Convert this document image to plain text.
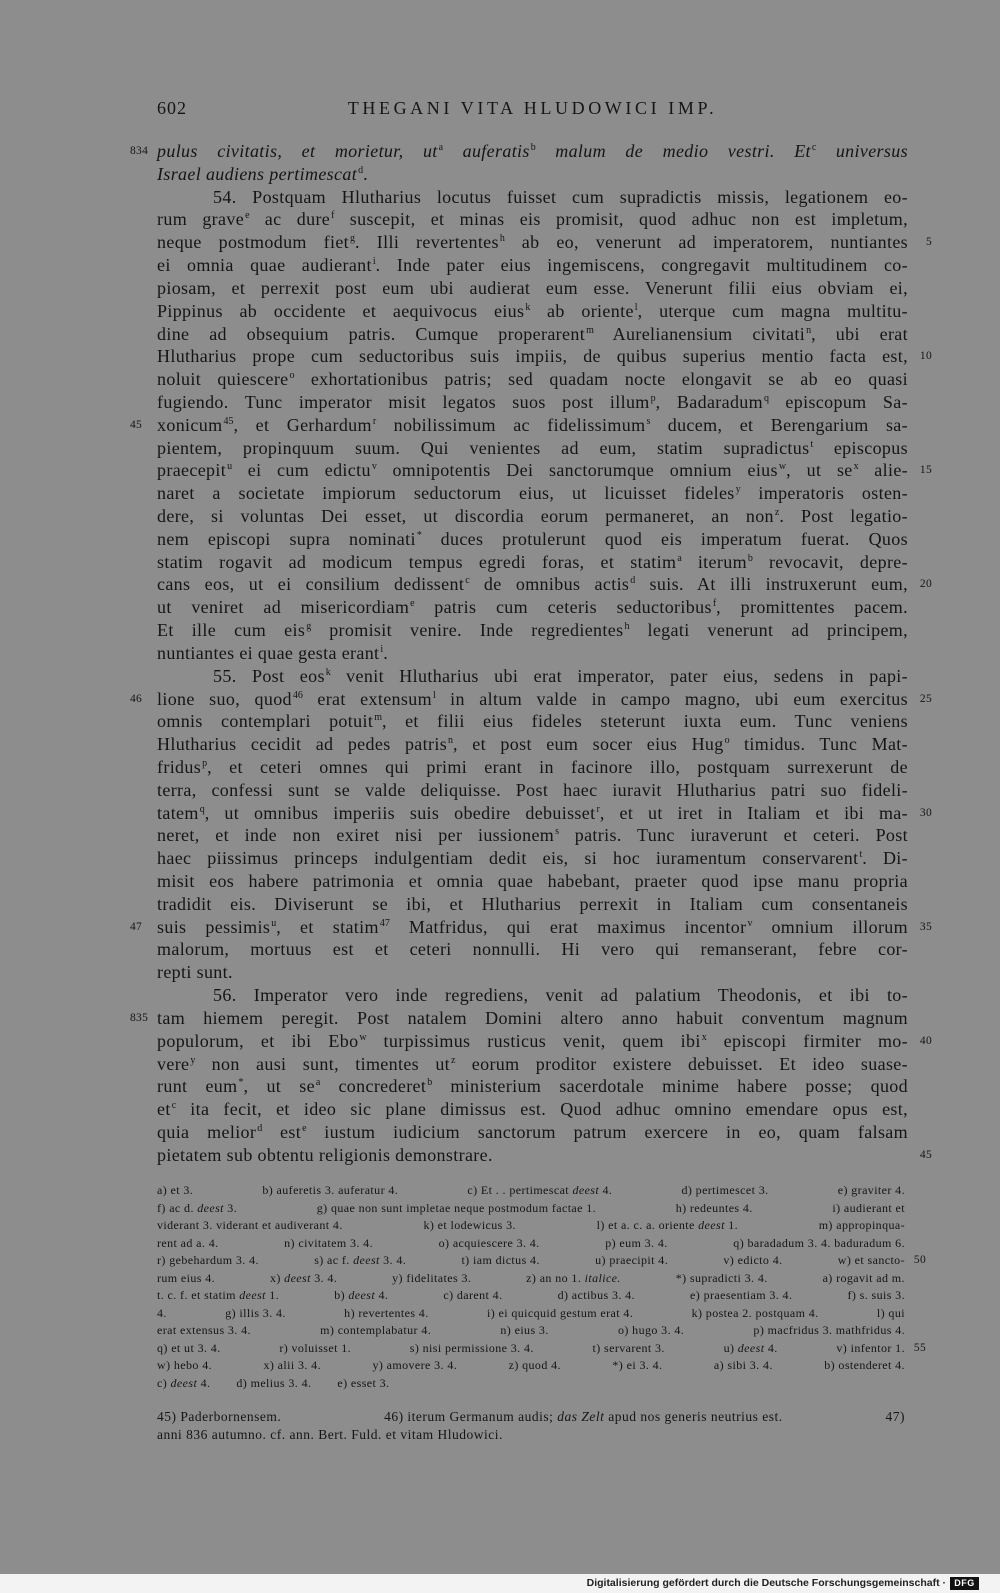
602	THEGANI VITA HLUDOWICI IMP.
pulus civitatis, et morietur, $ut^a$ auferatis$^b$ malum de medio vestri. Et$^c$ universus
834
Israel audiens pertimescat$^d$.
54. Postquam Hlutharius locutus fuisset cum supradictis missis, legationem eo-
rum grave$^e$ ac dure$^f$ suscepit, et minas eis promisit, quod adhuc non est impletum,
neque postmodum fiet$^g$. Illi revertentes$^h$ ab eo, venerunt ad imperatorem, nuntiantes	5
ei omnia quae audierant$^i$. Inde pater eius ingemiscens, congregavit multitudinem co-
piosam, et perrexit post eum ubi audierat eum esse. Venerunt filii eius obviam ei,
Pippinus ab occidente et aequivocus eius$^k$ ab oriente$^l$, uterque cum magna multitu-
dine ad obsequium patris. Cumque properarent$^m$ Aurelianensium civitati$^n$, ubi erat
Hlutharius prope cum seductoribus suis impiis, de quibus superius mentio facta est,	10
noluit quiescere$^o$ exhortationibus patris; sed quadam nocte elongavit se ab eo quasi
fugiendo. Tunc imperator misit legatos suos post illum$^p$, Badaradum$^q$ episcopum Sa-
xonicum$^{45}$, et Gerhardum$^r$ nobilissimum ac fidelissimum$^s$ ducem, et Berengarium sa-
45
pientem, propinquum suum. Qui venientes ad eum, statim supradictus$^t$ episcopus
praecepit$^u$ ei cum edictu$^v$ omnipotentis Dei sanctorumque omnium eius$^w$, ut $se^x$ alie-	15
naret a societate impiorum seductorum eius, ut licuisset fideles$^y$ imperatoris osten-
dere, si voluntas Dei esset, ut discordia eorum permaneret, an non$^z$. Post legatio-
nem episcopi supra nominati* duces protulerunt quod eis imperatum fuerat. Quos
statim rogavit ad modicum tempus egredi foras, et statim$^a$ iterum$^b$ revocavit, depre-
cans eos, ut ei consilium dedissent$^c$ de omnibus actis$^d$ suis. At illi instruxerunt eum,	20
ut veniret ad misericordiam$^e$ patris cum ceteris seductoribus$^f$, promittentes pacem.
Et ille cum eis$^g$ promisit venire. Inde regredientes$^h$ legati venerunt ad principem,
nuntiantes ei quae gesta erant$^i$.
55. Post eos$^k$ venit Hlutharius ubi erat imperator, pater eius, sedens in papi-
lione suo, quod$^{46}$ erat extensum$^l$ in altum valde in campo magno, ubi eum exercitus
46	25
omnis contemplari potuit$^m$, et filii eius fideles steterunt iuxta eum. Tunc veniens
Hlutharius cecidit ad pedes patris$^n$, et post eum socer eius Hug$^o$ timidus. Tunc Mat-
fridus$^p$, et ceteri omnes qui primi erant in facinore illo, postquam surrexerunt de
terra, confessi sunt se valde deliquisse. Post haec iuravit Hlutharius patri suo fideli-
tatem$^q$, ut omnibus imperiis suis obedire debuisset$^r$, et ut iret in Italiam et ibi ma-	30
neret, et inde non exiret nisi per iussionem$^s$ patris. Tunc iuraverunt et ceteri. Post
haec piissimus princeps indulgentiam dedit eis, si hoc iuramentum conservarent$^t$. Di-
misit eos habere patrimonia et omnia quae habebant, praeter quod ipse manu propria
tradidit eis. Diviserunt se ibi, et Hlutharius perrexit in Italiam cum consentaneis
suis pessimis$^u$, et statim$^{47}$ Matfridus, qui erat maximus incentor$^v$ omnium illorum
47	35
malorum, mortuus est et ceteri nonnulli. Hi vero qui remanserant, febre cor-
repti sunt.
56. Imperator vero inde regrediens, venit ad palatium Theodonis, et ibi to-
tam hiemem peregit. Post natalem Domini altero anno habuit conventum magnum
835
populorum, et ibi Ebo$^w$ turpissimus rusticus venit, quem ibi$^x$ episcopi firmiter mo-	40
vere$^y$ non ausi sunt, timentes $ut^z$ eorum proditor existere debuisset. Et ideo suase-
runt eum*, ut $se^a$ concrederet$^b$ ministerium sacerdotale minime habere posse; quod
$et^c$ ita fecit, et ideo sic plane dimissus est. Quod adhuc omnino emendare opus est,
quia melior$^d$ est$^e$ iustum iudicium sanctorum patrum exercere in eo, quam falsam
pietatem sub obtentu religionis demonstrare.	45
a) et 3.	b) auferetis 3. auferatur 4.	c) Et . . pertimescat deest 4.	d) pertimescet 3.	e) graviter 4.
f) ac d. deest 3.	g) quae non sunt impletae neque postmodum factae 1.	h) redeuntes 4.	i) audierant et
viderant 3. viderant et audiverant 4.	k) et lodewicus 3.	l) et a. c. a. oriente deest 1.	m) appropinqua-
rent ad a. 4.	n) civitatem 3. 4.	o) acquiescere 3. 4.	p) eum 3. 4.	q) baradadum 3. 4. baduradum 6.
r) gebehardum 3. 4.	s) ac f. deest 3. 4.	t) iam dictus 4.	u) praecipit 4.	v) edicto 4.	w) et sancto- 50
rum eius 4.	x) deest 3. 4.	y) fidelitates 3.	z) an no 1. italice.	*) supradicti 3. 4.	a) rogavit ad m.
t. c. f. et statim deest 1.	b) deest 4.	c) darent 4.	d) actibus 3. 4.	e) praesentiam 3. 4.	f) s. suis 3.
4.	g) illis 3. 4.	h) revertentes 4.	i) ei quicquid gestum erat 4.	k) postea 2. postquam 4.	l) qui
erat extensus 3. 4.	m) contemplabatur 4.	n) eius 3.	o) hugo 3. 4.	p) macfridus 3. mathfridus 4.
q) et ut 3. 4.	r) voluisset 1.	s) nisi permissione 3. 4.	t) servarent 3.	u) deest 4.	v) infentor 1. 55
w) hebo 4.	x) alii 3. 4.	y) amovere 3. 4.	z) quod 4.	*) ei 3. 4.	a) sibi 3. 4.	b) ostenderet 4.
c) deest 4. d) melius 3. 4. e) esset 3.
45) Paderbornensem.	46) iterum Germanum audis; das Zelt apud nos generis neutrius est.	47)
anni 836 autumno. cf. ann. Bert. Fuld. et vitam Hludowici.
Digitalisierung gefördert durch die Deutsche Forschungsgemeinschaft · DFG
